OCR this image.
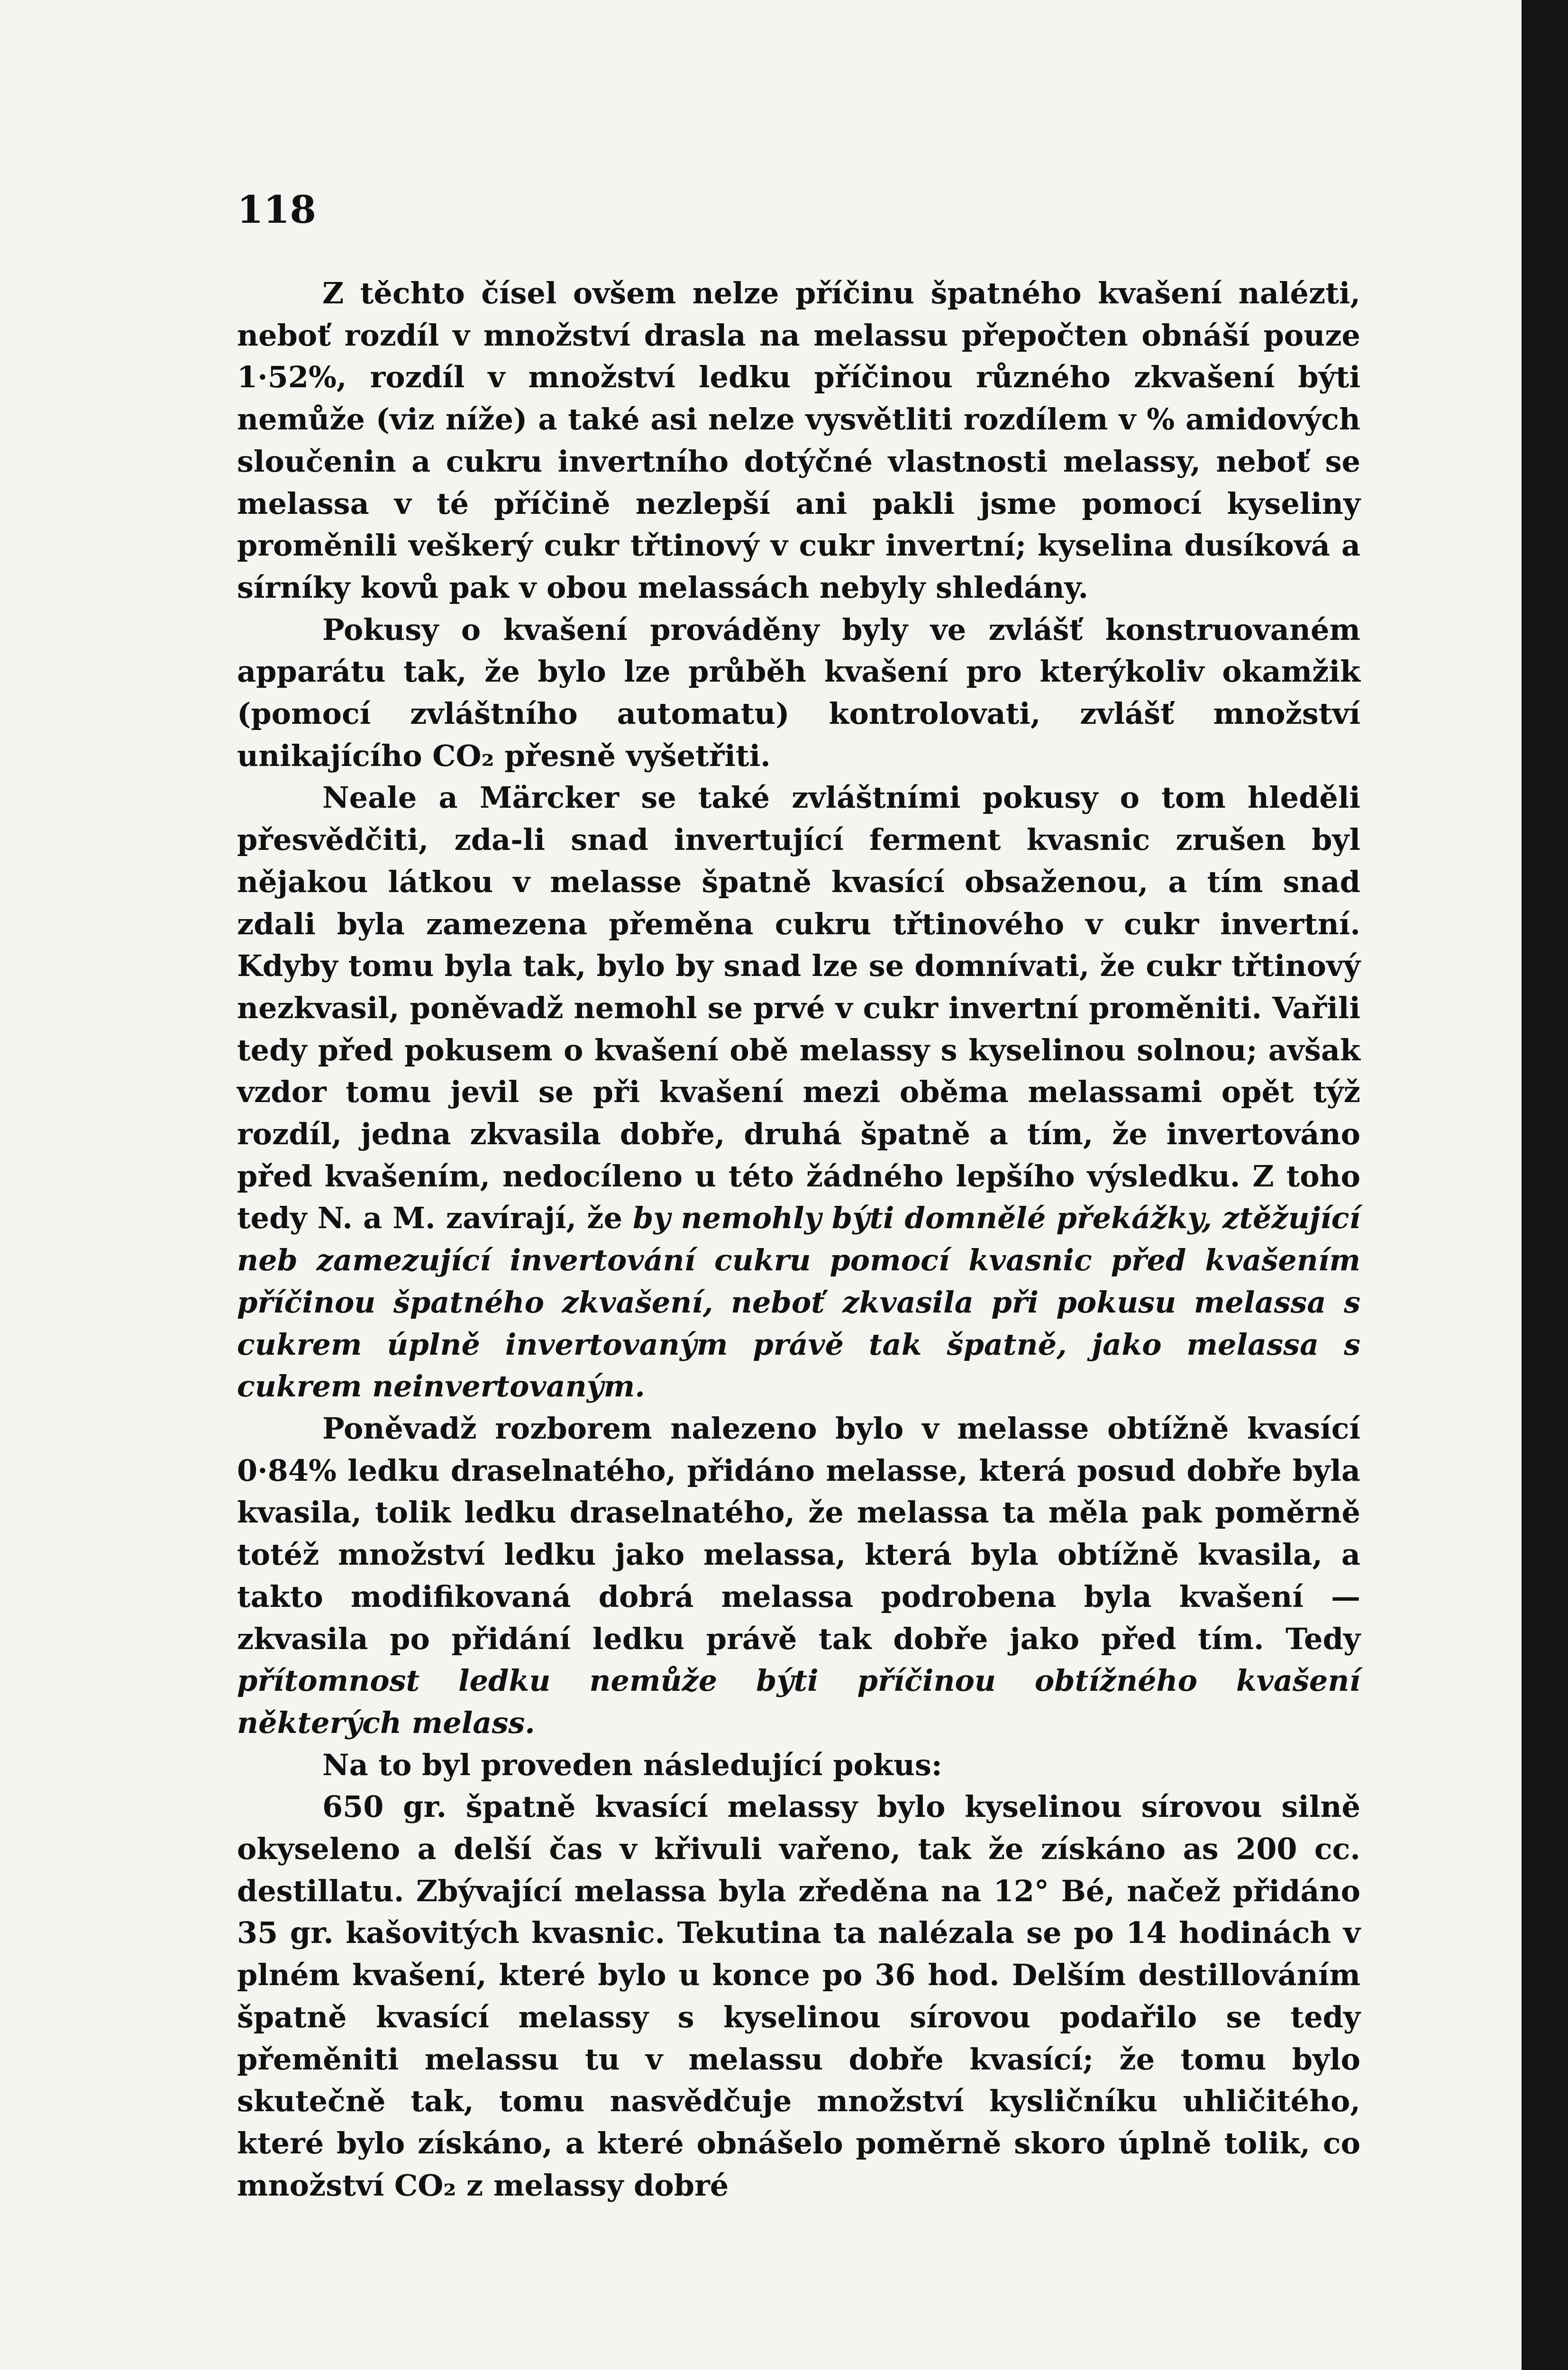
118

Z těchto čísel ovšem nelze příčinu špatného kvašení nalézti, neboť rozdíl v množství drasla na melassu přepočten obnáší pouze 1·52%, rozdíl v množství ledku příčinou různého zkvašení býti nemůže (viz níže) a také asi nelze vysvětliti rozdílem v % amidových sloučenin a cukru invertního dotýčné vlastnosti melassy, neboť se melassa v té příčině nezlepší ani pakli jsme pomocí kyseliny proměnili veškerý cukr třtinový v cukr invertní; kyselina dusíková a sírníky kovů pak v obou melassách nebyly shledány.

Pokusy o kvašení prováděny byly ve zvlášť konstruovaném apparátu tak, že bylo lze průběh kvašení pro kterýkoliv okamžik (pomocí zvláštního automatu) kontrolovati, zvlášť množství unikajícího CO₂ přesně vyšetřiti.

Neale a Märcker se také zvláštními pokusy o tom hleděli přesvědčiti, zda-li snad invertující ferment kvasnic zrušen byl nějakou látkou v melasse špatně kvasící obsaženou, a tím snad zdali byla zamezena přeměna cukru třtinového v cukr invertní. Kdyby tomu byla tak, bylo by snad lze se domnívati, že cukr třtinový nezkvasil, poněvadž nemohl se prvé v cukr invertní proměniti. Vařili tedy před pokusem o kvašení obě melassy s kyselinou solnou; avšak vzdor tomu jevil se při kvašení mezi oběma melassami opět týž rozdíl, jedna zkvasila dobře, druhá špatně a tím, že invertováno před kvašením, nedocíleno u této žádného lepšího výsledku. Z toho tedy N. a M. zavírají, že by nemohly býti domnělé překážky, ztěžující neb zamezující invertování cukru pomocí kvasnic před kvašením příčinou špatného zkvašení, neboť zkvasila při pokusu melassa s cukrem úplně invertovaným právě tak špatně, jako melassa s cukrem neinvertovaným.

Poněvadž rozborem nalezeno bylo v melasse obtížně kvasící 0·84% ledku draselnatého, přidáno melasse, která posud dobře byla kvasila, tolik ledku draselnatého, že melassa ta měla pak poměrně totéž množství ledku jako melassa, která byla obtížně kvasila, a takto modifikovaná dobrá melassa podrobena byla kvašení — zkvasila po přidání ledku právě tak dobře jako před tím. Tedy přítomnost ledku nemůže býti příčinou obtížného kvašení některých melass.

Na to byl proveden následující pokus:

650 gr. špatně kvasící melassy bylo kyselinou sírovou silně okyseleno a delší čas v křivuli vařeno, tak že získáno as 200 cc. destillatu. Zbývající melassa byla zředěna na 12° Bé, načež přidáno 35 gr. kašovitých kvasnic. Tekutina ta nalézala se po 14 hodinách v plném kvašení, které bylo u konce po 36 hod. Delším destillováním špatně kvasící melassy s kyselinou sírovou podařilo se tedy přeměniti melassu tu v melassu dobře kvasící; že tomu bylo skutečně tak, tomu nasvědčuje množství kysličníku uhličitého, které bylo získáno, a které obnášelo poměrně skoro úplně tolik, co množství CO₂ z melassy dobré
